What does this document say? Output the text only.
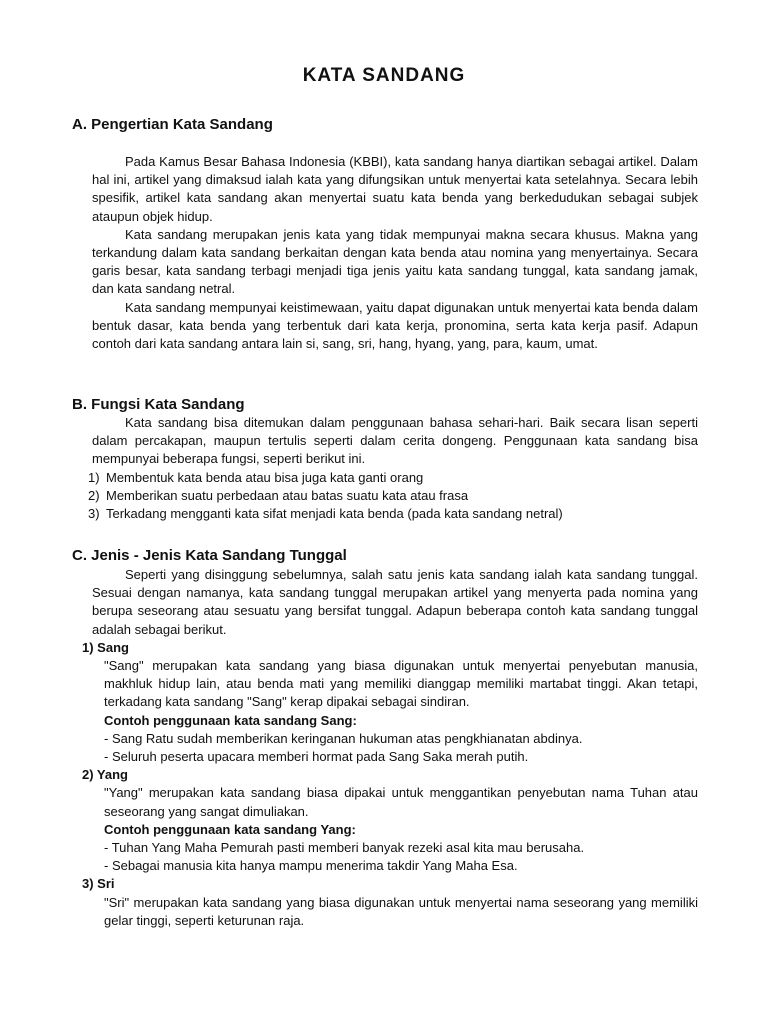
KATA SANDANG
A. Pengertian Kata Sandang

Pada Kamus Besar Bahasa Indonesia (KBBI), kata sandang hanya diartikan sebagai artikel. Dalam hal ini, artikel yang dimaksud ialah kata yang difungsikan untuk menyertai kata setelahnya. Secara lebih spesifik, artikel kata sandang akan menyertai suatu kata benda yang berkedudukan sebagai subjek ataupun objek hidup.

Kata sandang merupakan jenis kata yang tidak mempunyai makna secara khusus. Makna yang terkandung dalam kata sandang berkaitan dengan kata benda atau nomina yang menyertainya. Secara garis besar, kata sandang terbagi menjadi tiga jenis yaitu kata sandang tunggal, kata sandang jamak, dan kata sandang netral.

Kata sandang mempunyai keistimewaan, yaitu dapat digunakan untuk menyertai kata benda dalam bentuk dasar, kata benda yang terbentuk dari kata kerja, pronomina, serta kata kerja pasif. Adapun contoh dari kata sandang antara lain si, sang, sri, hang, hyang, yang, para, kaum, umat.

B. Fungsi Kata Sandang

Kata sandang bisa ditemukan dalam penggunaan bahasa sehari-hari. Baik secara lisan seperti dalam percakapan, maupun tertulis seperti dalam cerita dongeng. Penggunaan kata sandang bisa mempunyai beberapa fungsi, seperti berikut ini.

1) Membentuk kata benda atau bisa juga kata ganti orang
2) Memberikan suatu perbedaan atau batas suatu kata atau frasa
3) Terkadang mengganti kata sifat menjadi kata benda (pada kata sandang netral)
C. Jenis - Jenis Kata Sandang Tunggal

Seperti yang disinggung sebelumnya, salah satu jenis kata sandang ialah kata sandang tunggal. Sesuai dengan namanya, kata sandang tunggal merupakan artikel yang menyerta pada nomina yang berupa seseorang atau sesuatu yang bersifat tunggal. Adapun beberapa contoh kata sandang tunggal adalah sebagai berikut.

1) Sang

"Sang" merupakan kata sandang yang biasa digunakan untuk menyertai penyebutan manusia, makhluk hidup lain, atau benda mati yang memiliki dianggap memiliki martabat tinggi. Akan tetapi, terkadang kata sandang "Sang" kerap dipakai sebagai sindiran.

Contoh penggunaan kata sandang Sang:

- Sang Ratu sudah memberikan keringanan hukuman atas pengkhianatan abdinya.

- Seluruh peserta upacara memberi hormat pada Sang Saka merah putih.

2) Yang

"Yang" merupakan kata sandang biasa dipakai untuk menggantikan penyebutan nama Tuhan atau seseorang yang sangat dimuliakan.

Contoh penggunaan kata sandang Yang:

- Tuhan Yang Maha Pemurah pasti memberi banyak rezeki asal kita mau berusaha.

- Sebagai manusia kita hanya mampu menerima takdir Yang Maha Esa.

3) Sri

"Sri" merupakan kata sandang yang biasa digunakan untuk menyertai nama seseorang yang memiliki gelar tinggi, seperti keturunan raja.
